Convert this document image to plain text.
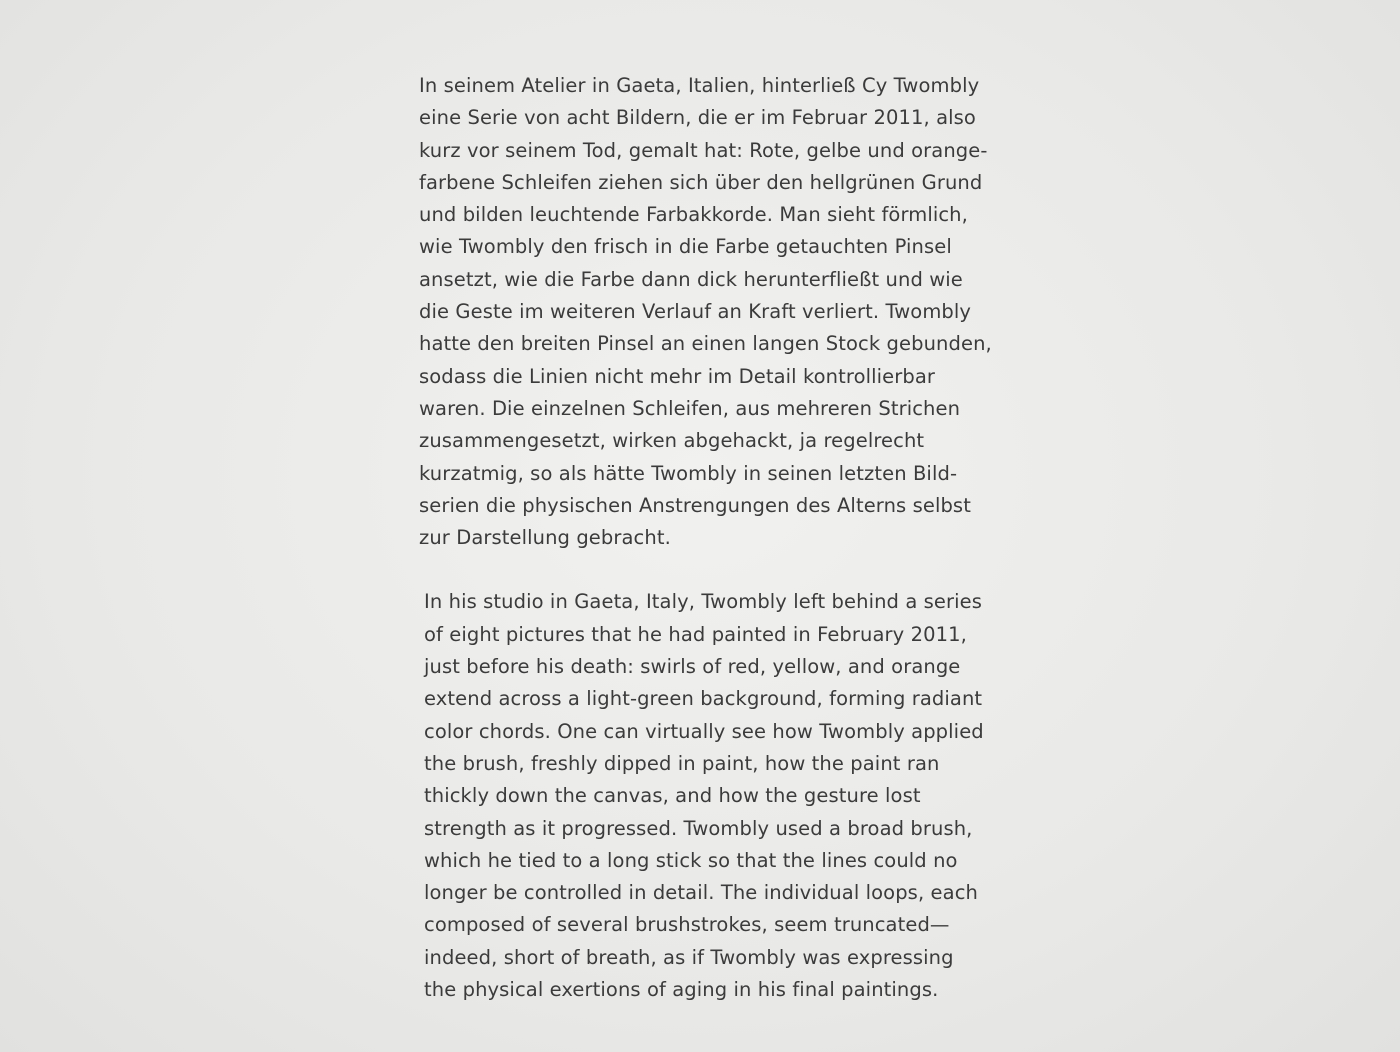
In seinem Atelier in Gaeta, Italien, hinterließ Cy Twombly
eine Serie von acht Bildern, die er im Februar 2011, also
kurz vor seinem Tod, gemalt hat: Rote, gelbe und orange-
farbene Schleifen ziehen sich über den hellgrünen Grund
und bilden leuchtende Farbakkorde. Man sieht förmlich,
wie Twombly den frisch in die Farbe getauchten Pinsel
ansetzt, wie die Farbe dann dick herunterfließt und wie
die Geste im weiteren Verlauf an Kraft verliert. Twombly
hatte den breiten Pinsel an einen langen Stock gebunden,
sodass die Linien nicht mehr im Detail kontrollierbar
waren. Die einzelnen Schleifen, aus mehreren Strichen
zusammengesetzt, wirken abgehackt, ja regelrecht
kurzatmig, so als hätte Twombly in seinen letzten Bild-
serien die physischen Anstrengungen des Alterns selbst
zur Darstellung gebracht.
In his studio in Gaeta, Italy, Twombly left behind a series
of eight pictures that he had painted in February 2011,
just before his death: swirls of red, yellow, and orange
extend across a light-green background, forming radiant
color chords. One can virtually see how Twombly applied
the brush, freshly dipped in paint, how the paint ran
thickly down the canvas, and how the gesture lost
strength as it progressed. Twombly used a broad brush,
which he tied to a long stick so that the lines could no
longer be controlled in detail. The individual loops, each
composed of several brushstrokes, seem truncated—
indeed, short of breath, as if Twombly was expressing
the physical exertions of aging in his final paintings.
